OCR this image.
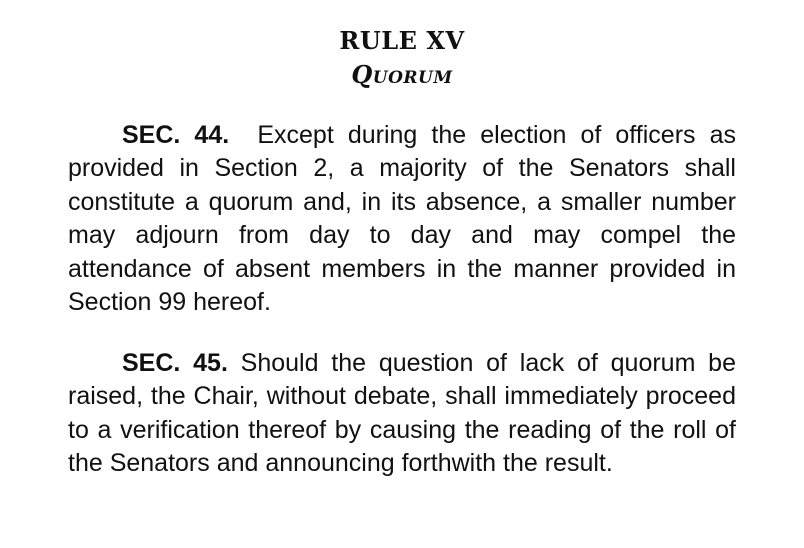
RULE XV
Quorum

SEC. 44. Except during the election of officers as provided in Section 2, a majority of the Senators shall constitute a quorum and, in its absence, a smaller number may adjourn from day to day and may compel the attendance of absent members in the manner provided in Section 99 hereof.

SEC. 45. Should the question of lack of quorum be raised, the Chair, without debate, shall immediately proceed to a verification thereof by causing the reading of the roll of the Senators and announcing forthwith the result.
